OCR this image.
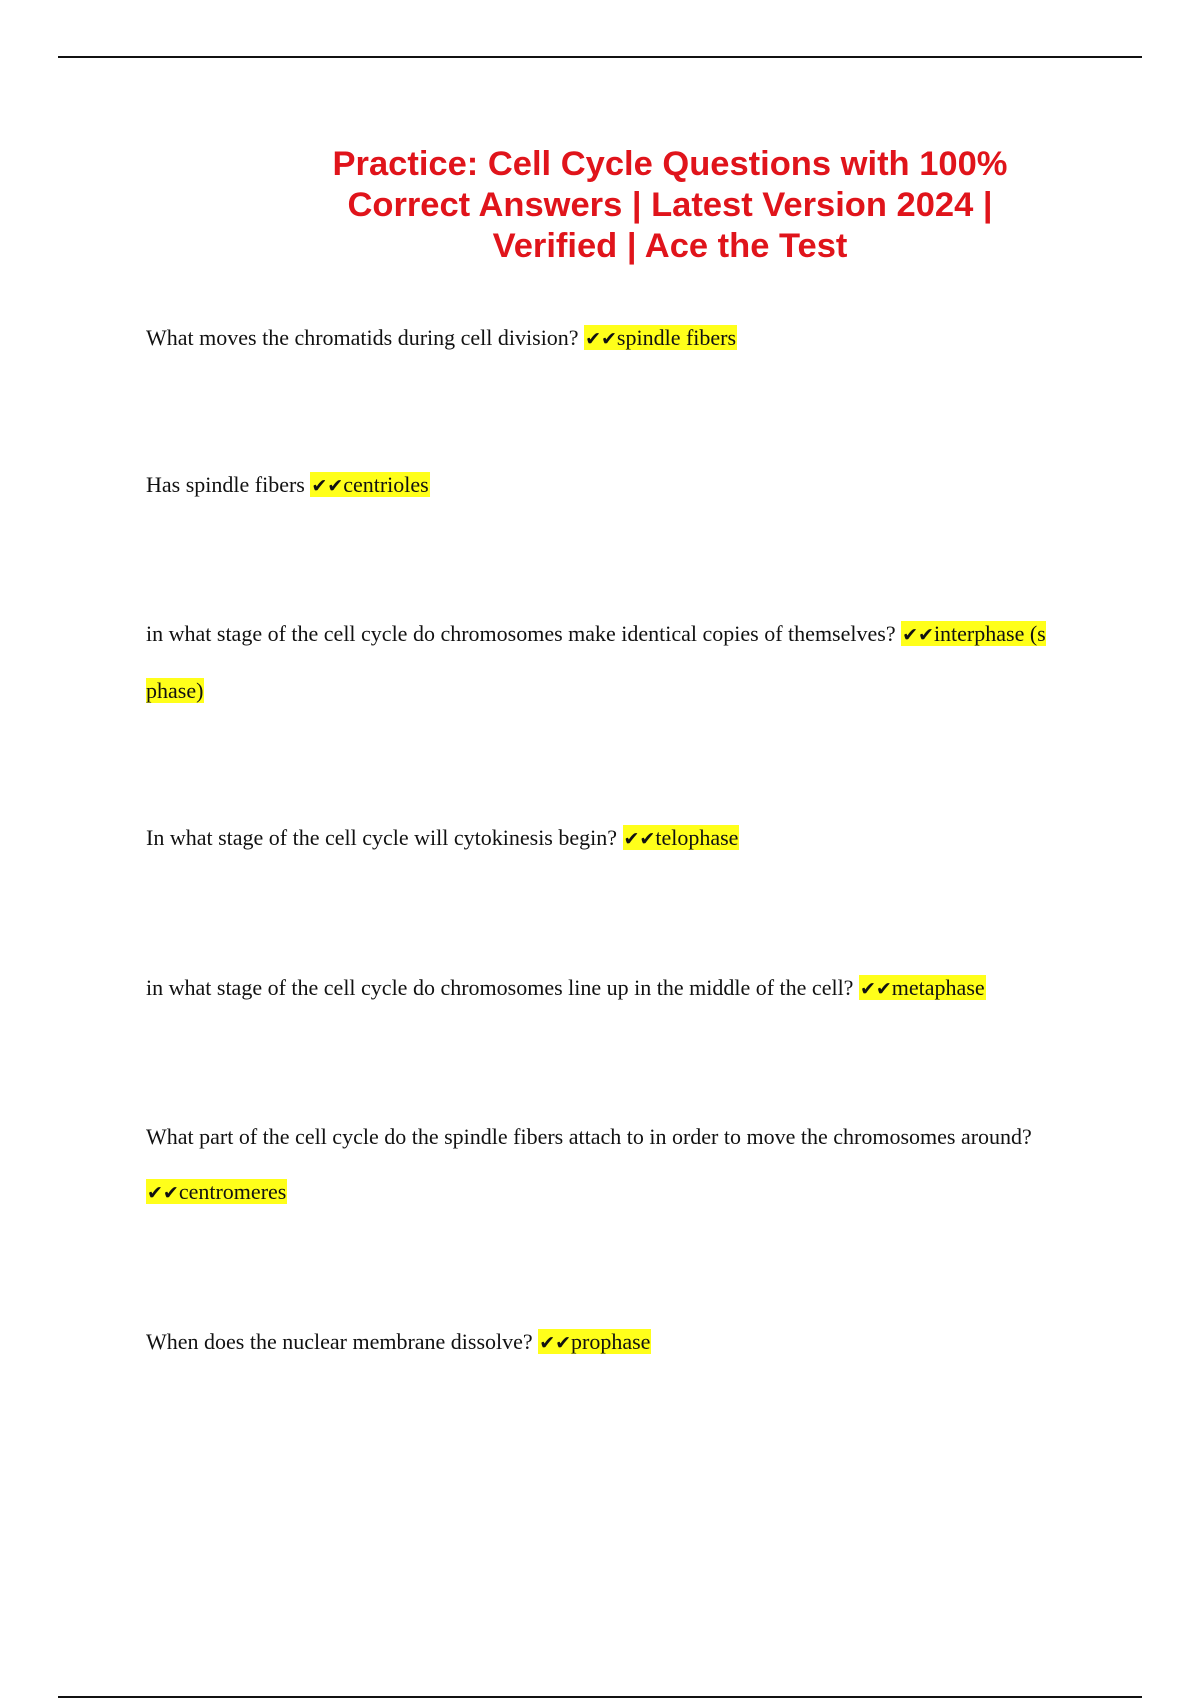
Practice: Cell Cycle Questions with 100% Correct Answers | Latest Version 2024 | Verified | Ace the Test
What moves the chromatids during cell division? ✔✔spindle fibers
Has spindle fibers ✔✔centrioles
in what stage of the cell cycle do chromosomes make identical copies of themselves? ✔✔interphase (s phase)
In what stage of the cell cycle will cytokinesis begin? ✔✔telophase
in what stage of the cell cycle do chromosomes line up in the middle of the cell? ✔✔metaphase
What part of the cell cycle do the spindle fibers attach to in order to move the chromosomes around? ✔✔centromeres
When does the nuclear membrane dissolve? ✔✔prophase
